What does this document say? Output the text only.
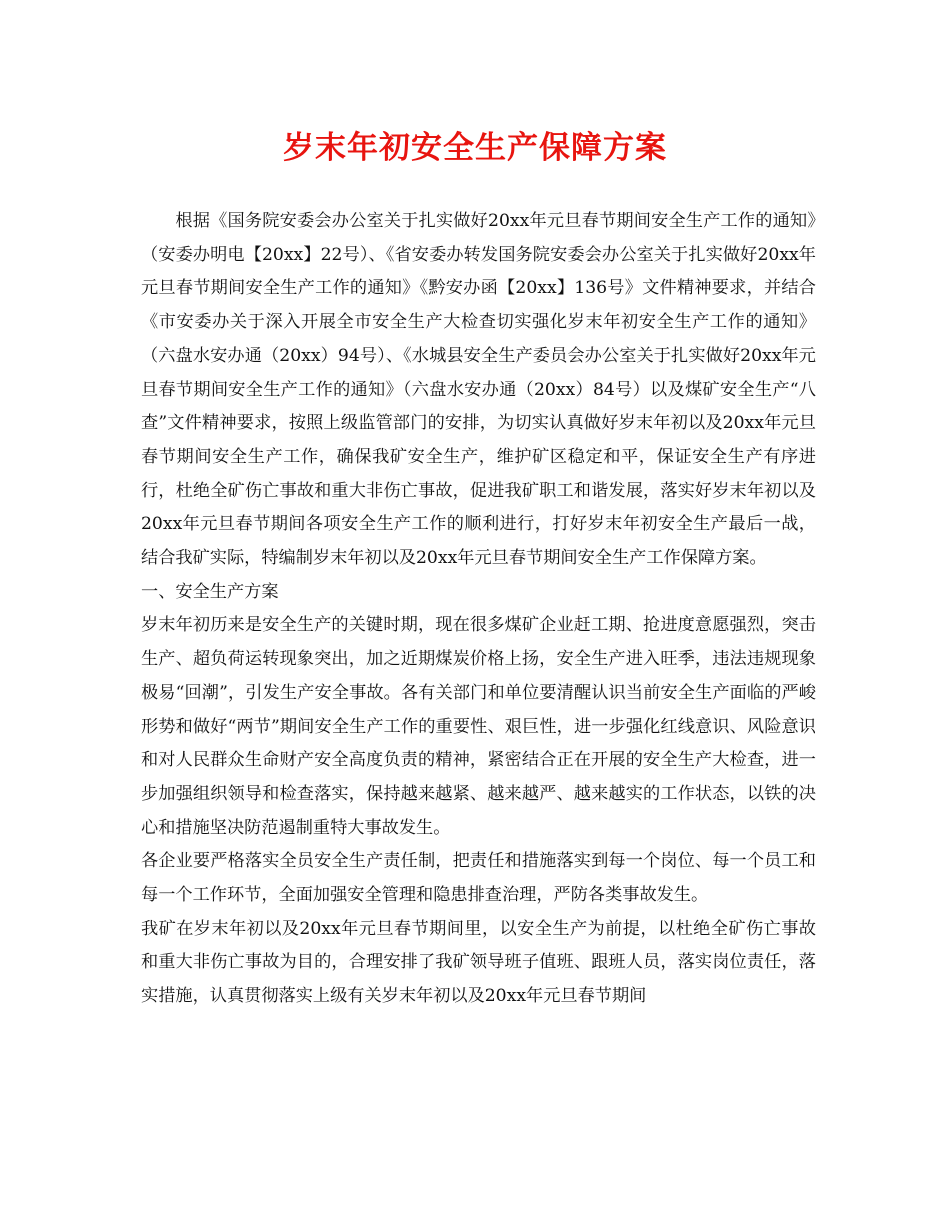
岁末年初安全生产保障方案

根据《国务院安委会办公室关于扎实做好20xx年元旦春节期间安全生产工作的通知》（安委办明电【20xx】22号）、《省安委办转发国务院安委会办公室关于扎实做好20xx年元旦春节期间安全生产工作的通知》《黔安办函【20xx】136号》文件精神要求，并结合《市安委办关于深入开展全市安全生产大检查切实强化岁末年初安全生产工作的通知》（六盘水安办通（20xx）94号）、《水城县安全生产委员会办公室关于扎实做好20xx年元旦春节期间安全生产工作的通知》（六盘水安办通（20xx）84号）以及煤矿安全生产“八查”文件精神要求，按照上级监管部门的安排，为切实认真做好岁末年初以及20xx年元旦春节期间安全生产工作，确保我矿安全生产，维护矿区稳定和平，保证安全生产有序进行，杜绝全矿伤亡事故和重大非伤亡事故，促进我矿职工和谐发展，落实好岁末年初以及20xx年元旦春节期间各项安全生产工作的顺利进行，打好岁末年初安全生产最后一战，结合我矿实际，特编制岁末年初以及20xx年元旦春节期间安全生产工作保障方案。

一、安全生产方案

岁末年初历来是安全生产的关键时期，现在很多煤矿企业赶工期、抢进度意愿强烈，突击生产、超负荷运转现象突出，加之近期煤炭价格上扬，安全生产进入旺季，违法违规现象极易“回潮”，引发生产安全事故。各有关部门和单位要清醒认识当前安全生产面临的严峻形势和做好“两节”期间安全生产工作的重要性、艰巨性，进一步强化红线意识、风险意识和对人民群众生命财产安全高度负责的精神，紧密结合正在开展的安全生产大检查，进一步加强组织领导和检查落实，保持越来越紧、越来越严、越来越实的工作状态，以铁的决心和措施坚决防范遏制重特大事故发生。

各企业要严格落实全员安全生产责任制，把责任和措施落实到每一个岗位、每一个员工和每一个工作环节，全面加强安全管理和隐患排查治理，严防各类事故发生。

我矿在岁末年初以及20xx年元旦春节期间里，以安全生产为前提，以杜绝全矿伤亡事故和重大非伤亡事故为目的，合理安排了我矿领导班子值班、跟班人员，落实岗位责任，落实措施，认真贯彻落实上级有关岁末年初以及20xx年元旦春节期间
